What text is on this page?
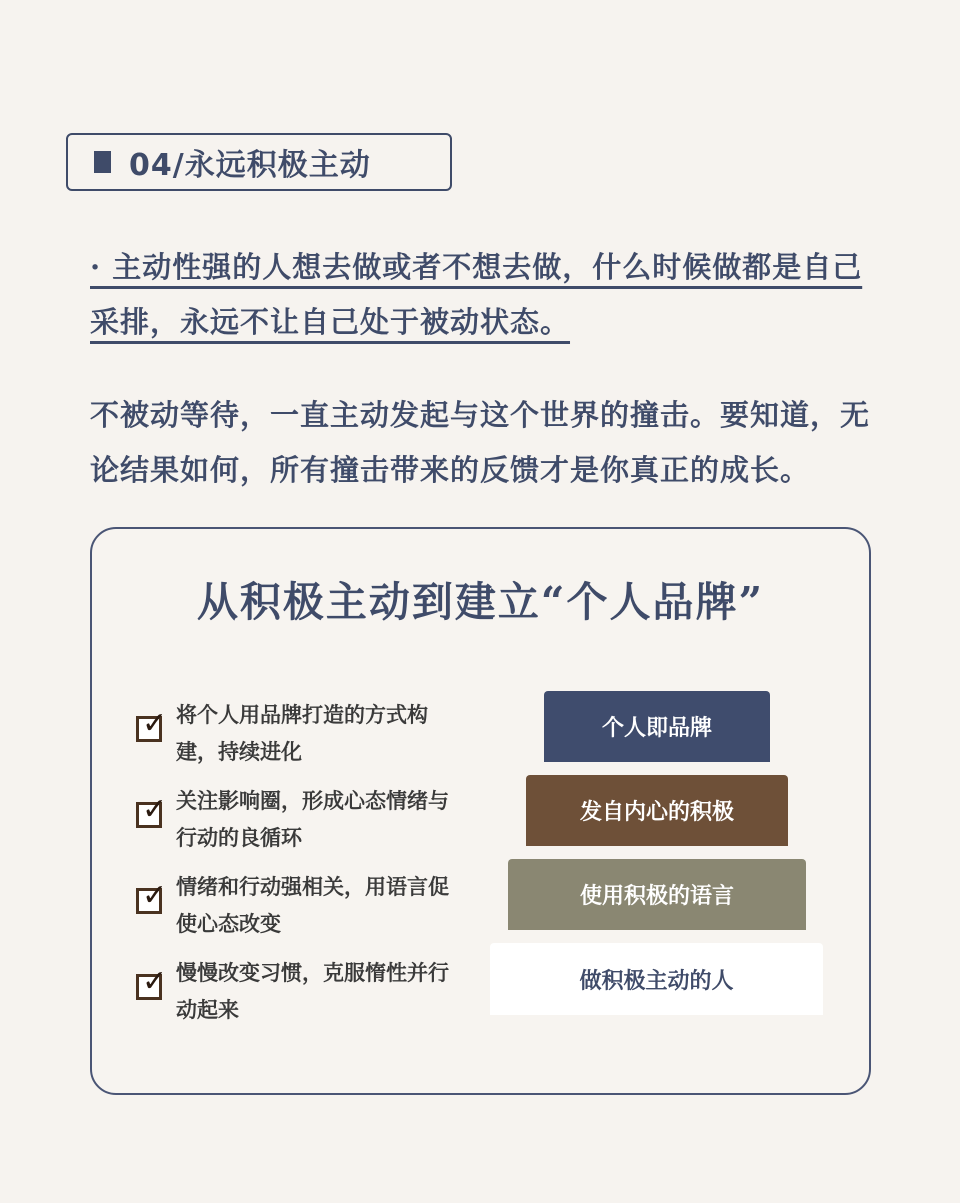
04/永远积极主动
· 主动性强的人想去做或者不想去做，什么时候做都是自己采排，永远不让自己处于被动状态。
不被动等待，一直主动发起与这个世界的撞击。要知道，无论结果如何，所有撞击带来的反馈才是你真正的成长。
从积极主动到建立“个人品牌”
✓ 将个人用品牌打造的方式构建，持续进化
✓ 关注影响圈，形成心态情绪与行动的良循环
✓ 情绪和行动强相关，用语言促使心态改变
✓ 慢慢改变习惯，克服惰性并行动起来
个人即品牌
发自内心的积极
使用积极的语言
做积极主动的人
